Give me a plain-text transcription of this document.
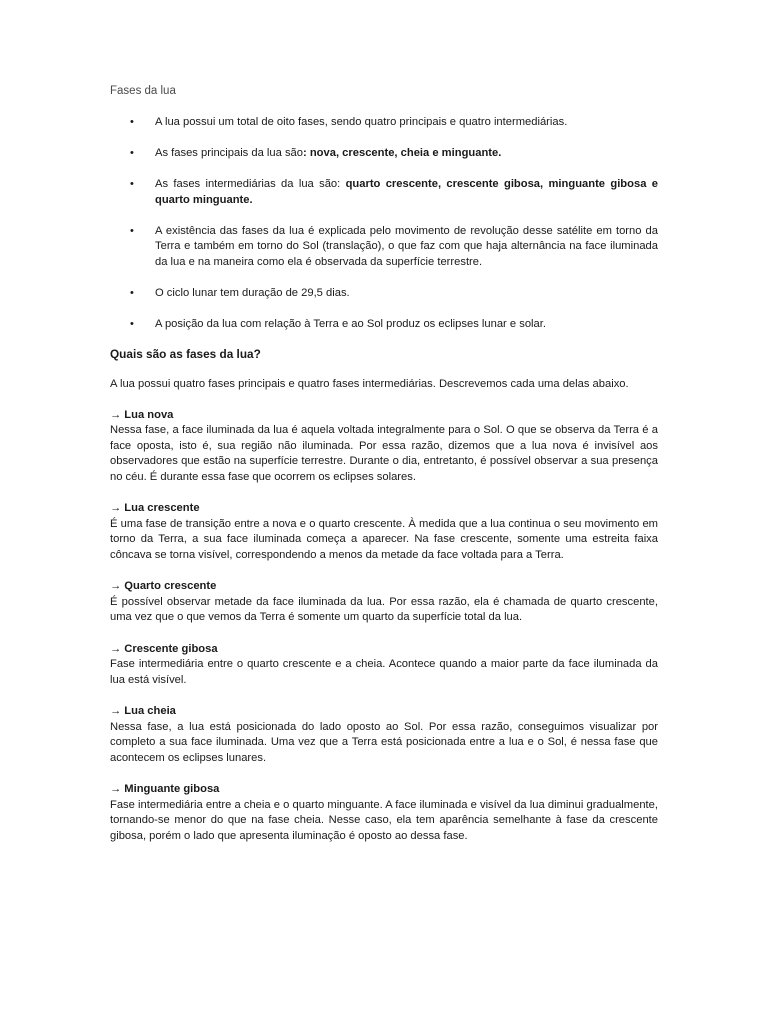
Fases da lua
• A lua possui um total de oito fases, sendo quatro principais e quatro intermediárias.
• As fases principais da lua são: nova, crescente, cheia e minguante.
• As fases intermediárias da lua são: quarto crescente, crescente gibosa, minguante gibosa e quarto minguante.
• A existência das fases da lua é explicada pelo movimento de revolução desse satélite em torno da Terra e também em torno do Sol (translação), o que faz com que haja alternância na face iluminada da lua e na maneira como ela é observada da superfície terrestre.
• O ciclo lunar tem duração de 29,5 dias.
• A posição da lua com relação à Terra e ao Sol produz os eclipses lunar e solar.
Quais são as fases da lua?
A lua possui quatro fases principais e quatro fases intermediárias. Descrevemos cada uma delas abaixo.
→ Lua nova

Nessa fase, a face iluminada da lua é aquela voltada integralmente para o Sol. O que se observa da Terra é a face oposta, isto é, sua região não iluminada. Por essa razão, dizemos que a lua nova é invisível aos observadores que estão na superfície terrestre. Durante o dia, entretanto, é possível observar a sua presença no céu. É durante essa fase que ocorrem os eclipses solares.

→ Lua crescente

É uma fase de transição entre a nova e o quarto crescente. À medida que a lua continua o seu movimento em torno da Terra, a sua face iluminada começa a aparecer. Na fase crescente, somente uma estreita faixa côncava se torna visível, correspondendo a menos da metade da face voltada para a Terra.

→ Quarto crescente

É possível observar metade da face iluminada da lua. Por essa razão, ela é chamada de quarto crescente, uma vez que o que vemos da Terra é somente um quarto da superfície total da lua.

→ Crescente gibosa

Fase intermediária entre o quarto crescente e a cheia. Acontece quando a maior parte da face iluminada da lua está visível.

→ Lua cheia

Nessa fase, a lua está posicionada do lado oposto ao Sol. Por essa razão, conseguimos visualizar por completo a sua face iluminada. Uma vez que a Terra está posicionada entre a lua e o Sol, é nessa fase que acontecem os eclipses lunares.

→ Minguante gibosa

Fase intermediária entre a cheia e o quarto minguante. A face iluminada e visível da lua diminui gradualmente, tornando-se menor do que na fase cheia. Nesse caso, ela tem aparência semelhante à fase da crescente gibosa, porém o lado que apresenta iluminação é oposto ao dessa fase.
